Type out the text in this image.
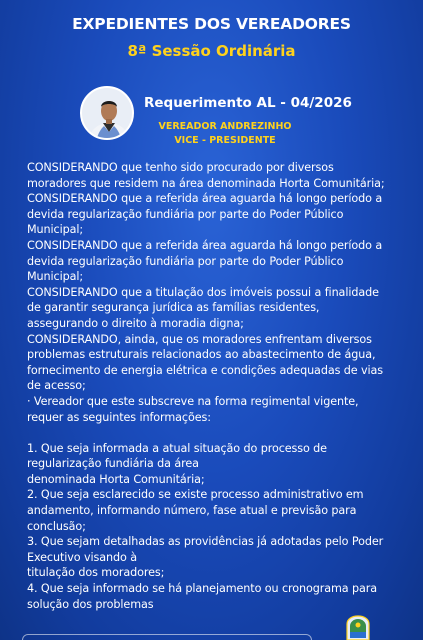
EXPEDIENTES DOS VEREADORES
8ª Sessão Ordinária
Requerimento AL - 04/2026
VEREADOR ANDREZINHO
VICE - PRESIDENTE
CONSIDERANDO que tenho sido procurado por diversos
moradores que residem na área denominada Horta Comunitária;
CONSIDERANDO que a referida área aguarda há longo período a
devida regularização fundiária por parte do Poder Público
Municipal;
CONSIDERANDO que a referida área aguarda há longo período a
devida regularização fundiária por parte do Poder Público
Municipal;
CONSIDERANDO que a titulação dos imóveis possui a finalidade
de garantir segurança jurídica as famílias residentes,
assegurando o direito à moradia digna;
CONSIDERANDO, ainda, que os moradores enfrentam diversos
problemas estruturais relacionados ao abastecimento de água,
fornecimento de energia elétrica e condições adequadas de vias
de acesso;
· Vereador que este subscreve na forma regimental vigente,
requer as seguintes informações:
1. Que seja informada a atual situação do processo de
regularização fundiária da área
denominada Horta Comunitária;
2. Que seja esclarecido se existe processo administrativo em
andamento, informando número, fase atual e previsão para
conclusão;
3. Que sejam detalhadas as providências já adotadas pelo Poder
Executivo visando à
titulação dos moradores;
4. Que seja informado se há planejamento ou cronograma para
solução dos problemas
